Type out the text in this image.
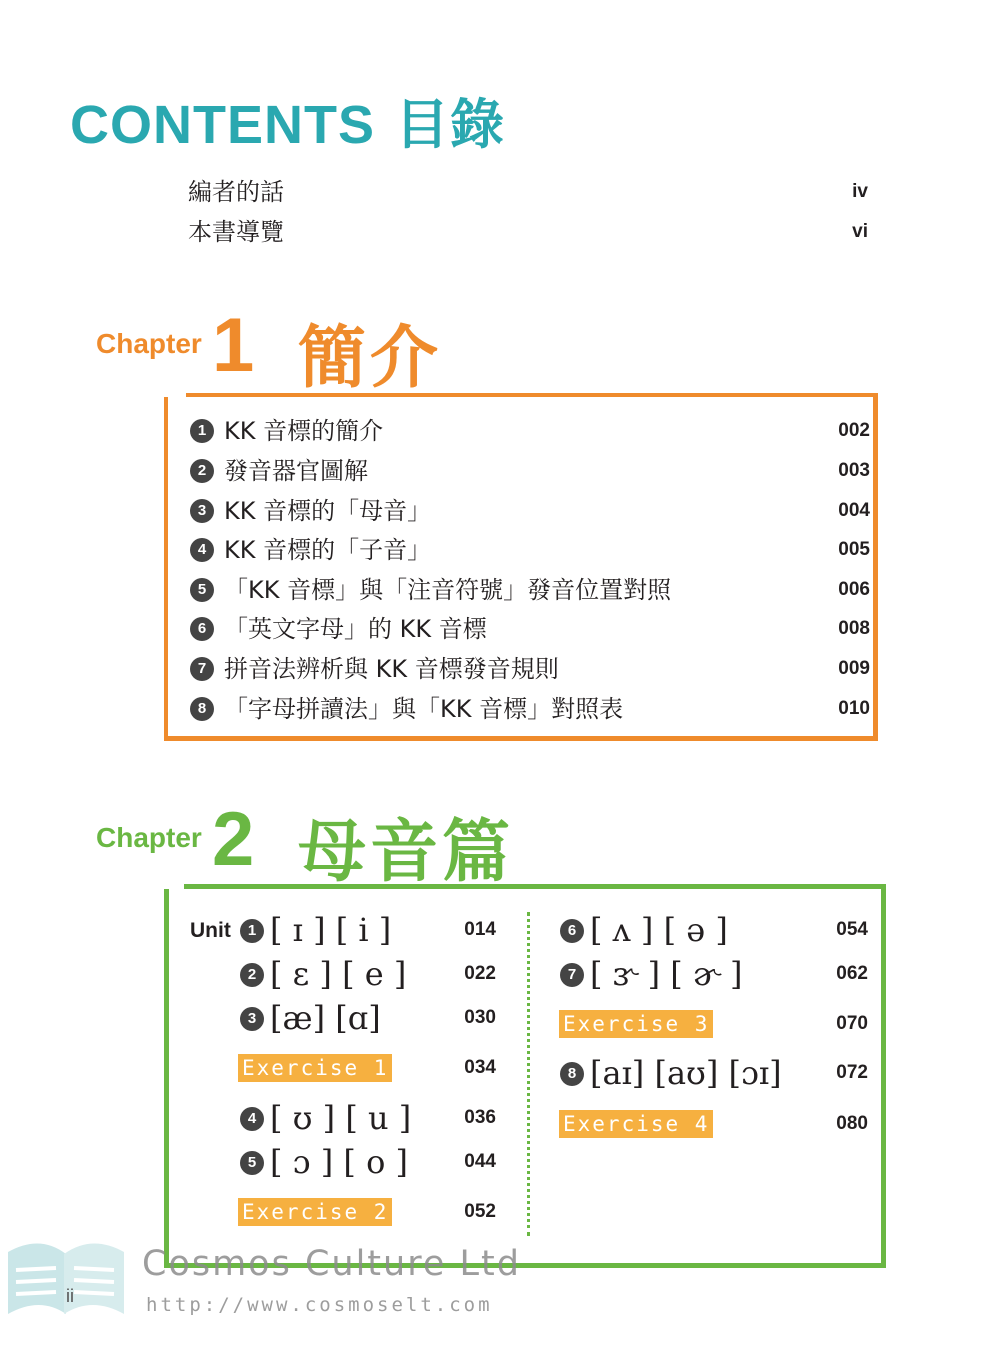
CONTENTS 目錄
編者的話	iv
本書導覽	vi
Chapter 1 簡介
1 KK 音標的簡介	002
2 發音器官圖解	003
3 KK 音標的「母音」	004
4 KK 音標的「子音」	005
5 「KK 音標」與「注音符號」發音位置對照	006
6 「英文字母」的 KK 音標	008
7 拼音法辨析與 KK 音標發音規則	009
8 「字母拼讀法」與「KK 音標」對照表	010
Chapter 2 母音篇
Unit	1 [ ɪ ] [ i ]	014
2 [ ɛ ] [ e ]	022
3 [æ] [ɑ]	030
Exercise 1	034
4 [ ʊ ] [ u ]	036
5 [ ɔ ] [ o ]	044
Exercise 2	052
6 [ ʌ ] [ ə ]	054
7 [ ɝ ] [ ɚ ]	062
Exercise 3	070
8 [aɪ] [aʊ] [ɔɪ]	072
Exercise 4	080
ii
Cosmos Culture Ltd
http://www.cosmoselt.com
